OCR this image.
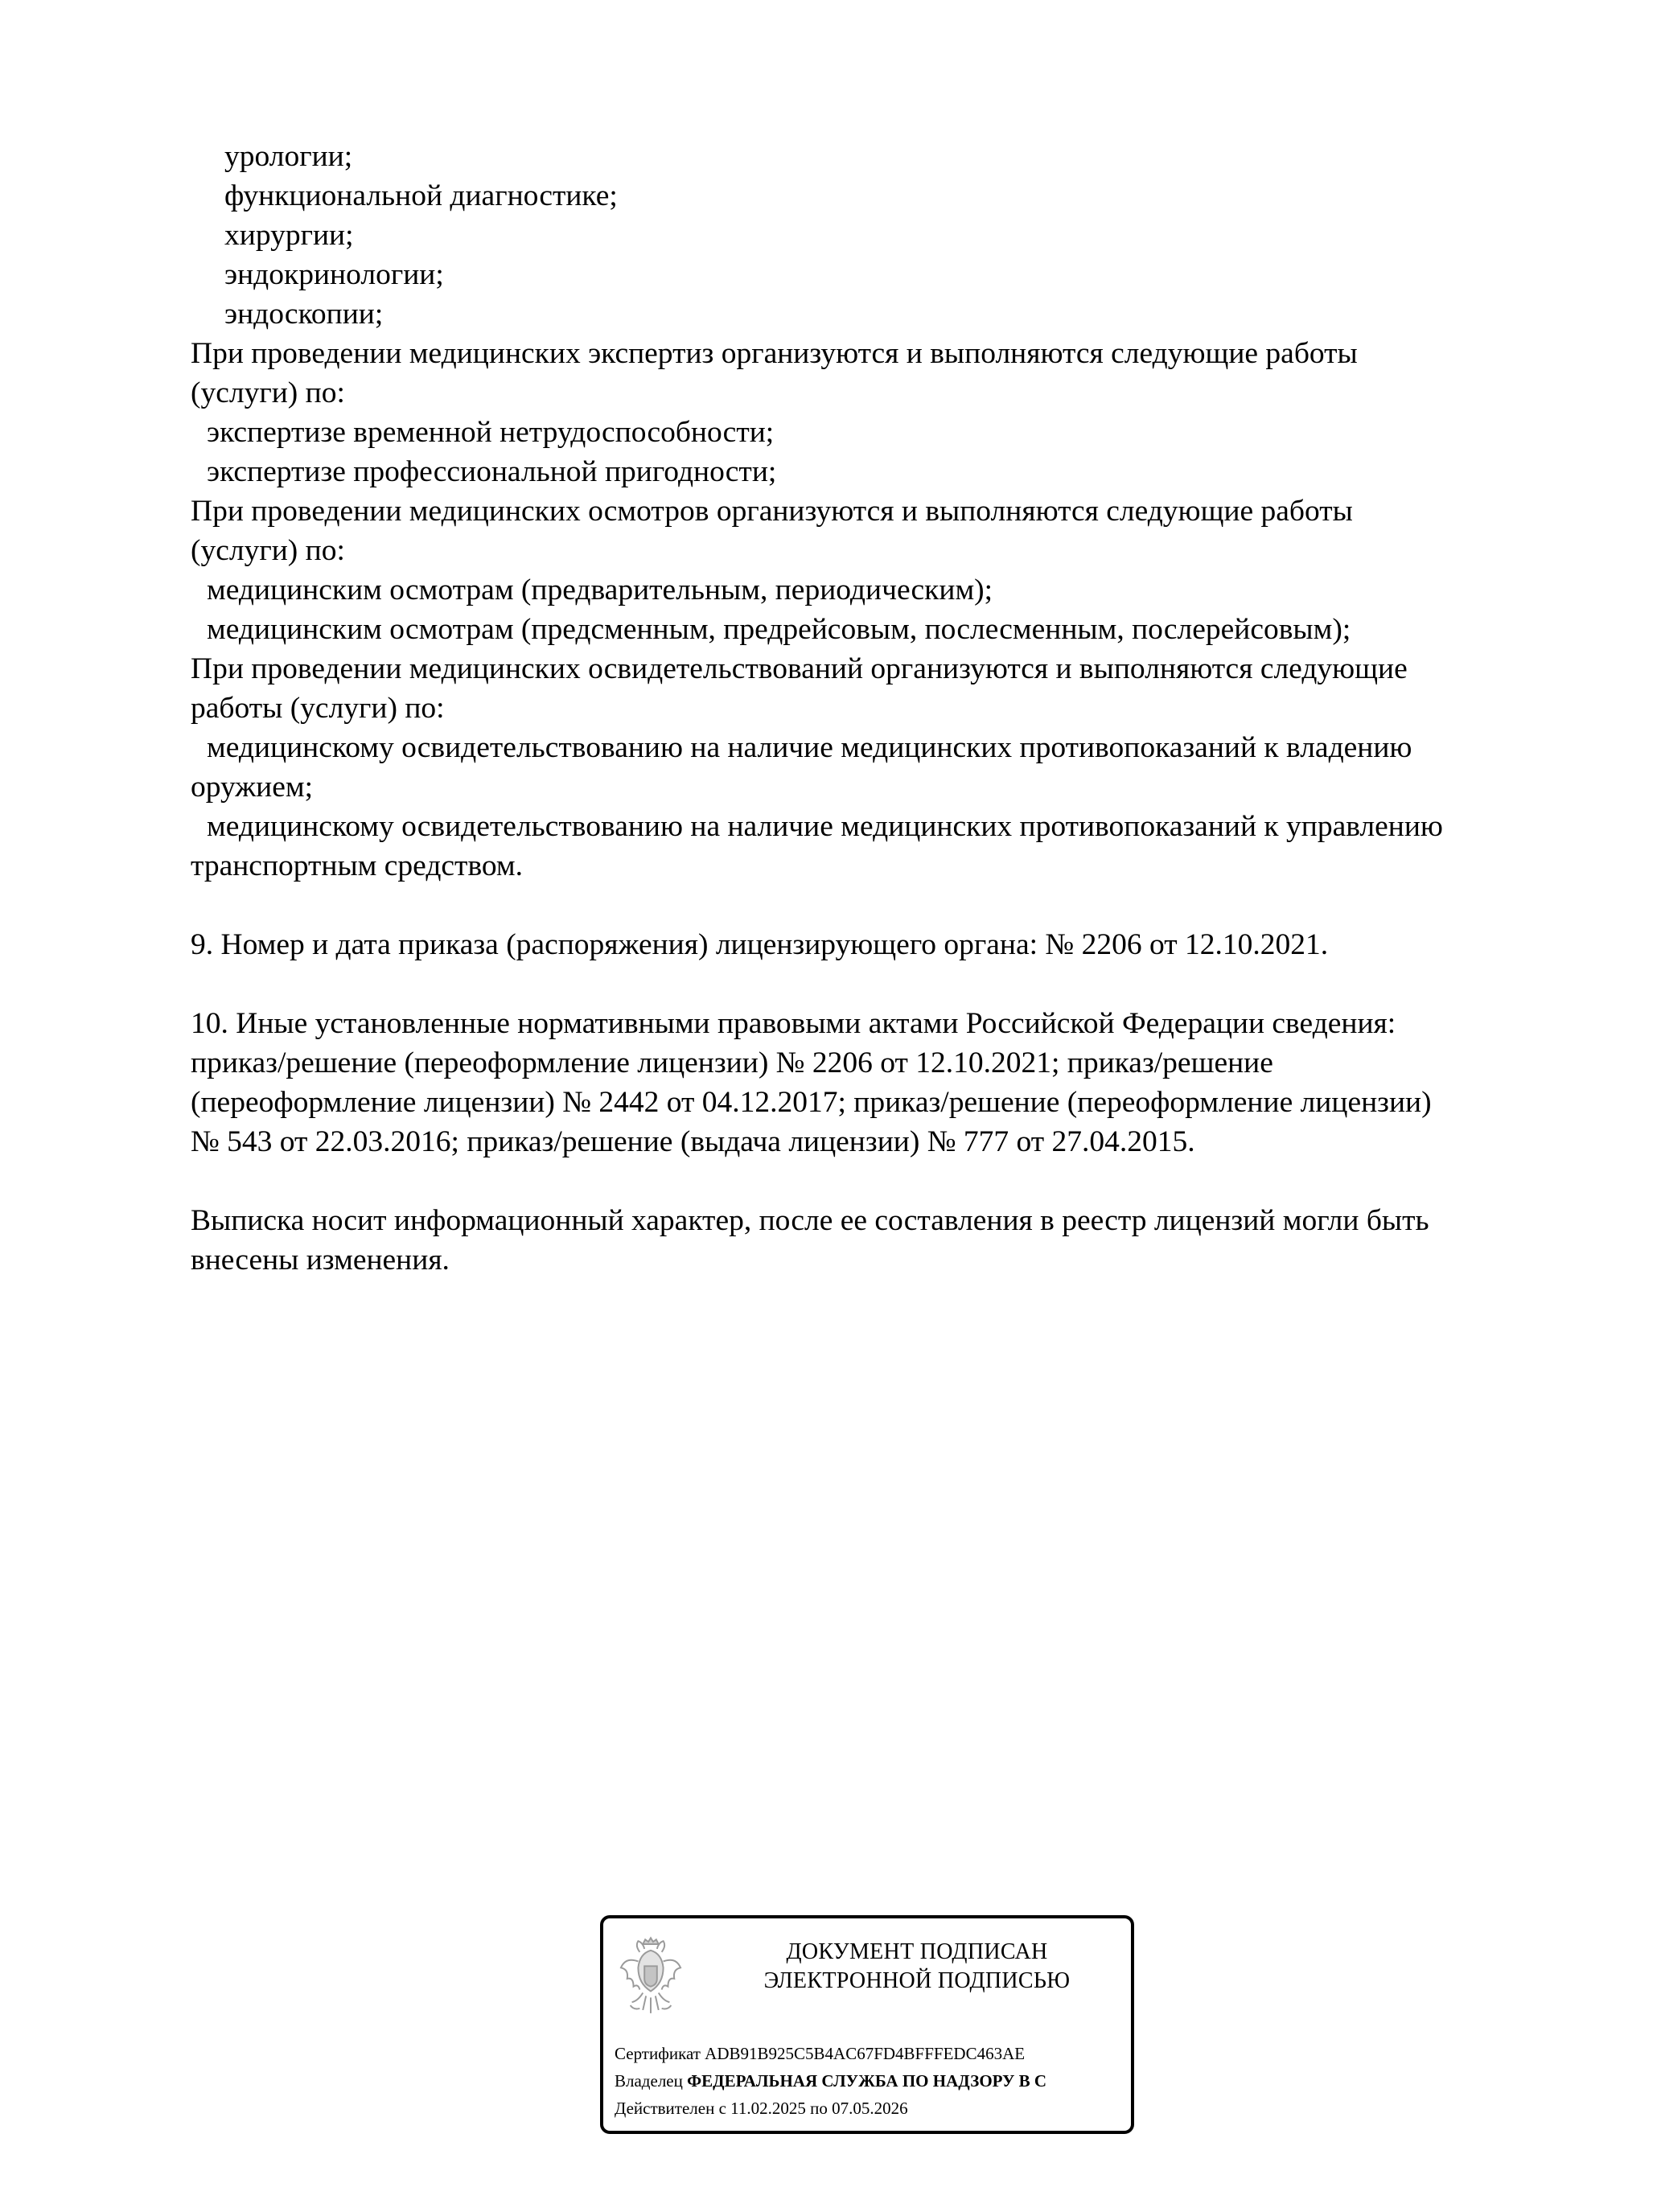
урологии;
функциональной диагностике;
хирургии;
эндокринологии;
эндоскопии;
При проведении медицинских экспертиз организуются и выполняются следующие работы
(услуги) по:
экспертизе временной нетрудоспособности;
экспертизе профессиональной пригодности;
При проведении медицинских осмотров организуются и выполняются следующие работы
(услуги) по:
медицинским осмотрам (предварительным, периодическим);
медицинским осмотрам (предсменным, предрейсовым, послесменным, послерейсовым);
При проведении медицинских освидетельствований организуются и выполняются следующие
работы (услуги) по:
медицинскому освидетельствованию на наличие медицинских противопоказаний к владению
оружием;
медицинскому освидетельствованию на наличие медицинских противопоказаний к управлению
транспортным средством.
9. Номер и дата приказа (распоряжения) лицензирующего органа: № 2206 от 12.10.2021.
10. Иные установленные нормативными правовыми актами Российской Федерации сведения:
приказ/решение (переоформление лицензии) № 2206 от 12.10.2021; приказ/решение
(переоформление лицензии) № 2442 от 04.12.2017; приказ/решение (переоформление лицензии)
№ 543 от 22.03.2016; приказ/решение (выдача лицензии) № 777 от 27.04.2015.
Выписка носит информационный характер, после ее составления в реестр лицензий могли быть
внесены изменения.
ДОКУМЕНТ ПОДПИСАН
ЭЛЕКТРОННОЙ ПОДПИСЬЮ
Сертификат ADB91B925C5B4AC67FD4BFFFEDC463AE
Владелец ФЕДЕРАЛЬНАЯ СЛУЖБА ПО НАДЗОРУ В С
Действителен с 11.02.2025 по 07.05.2026
